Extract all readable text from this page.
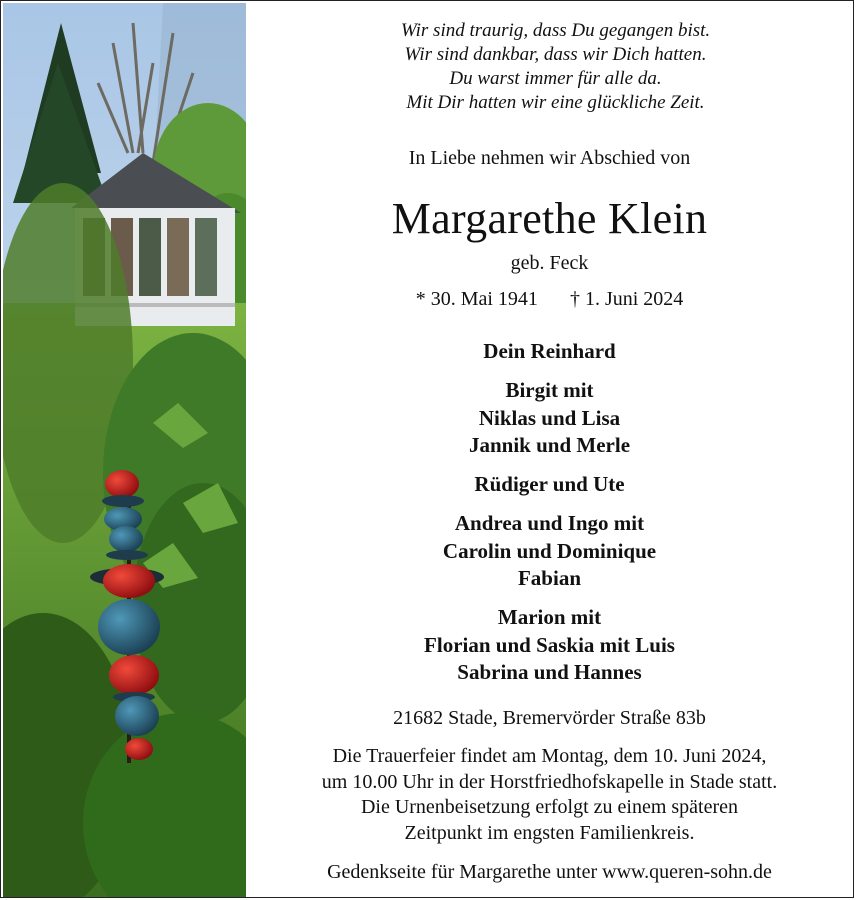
Wir sind traurig, dass Du gegangen bist.
Wir sind dankbar, dass wir Dich hatten.
Du warst immer für alle da.
Mit Dir hatten wir eine glückliche Zeit.
In Liebe nehmen wir Abschied von
Margarethe Klein
geb. Feck
* 30. Mai 1941 † 1. Juni 2024
Dein Reinhard
Birgit mit
Niklas und Lisa
Jannik und Merle
Rüdiger und Ute
Andrea und Ingo mit
Carolin und Dominique
Fabian
Marion mit
Florian und Saskia mit Luis
Sabrina und Hannes
21682 Stade, Bremervörder Straße 83b
Die Trauerfeier findet am Montag, dem 10. Juni 2024,
um 10.00 Uhr in der Horstfriedhofskapelle in Stade statt.
Die Urnenbeisetzung erfolgt zu einem späteren
Zeitpunkt im engsten Familienkreis.
Gedenkseite für Margarethe unter www.queren-sohn.de
